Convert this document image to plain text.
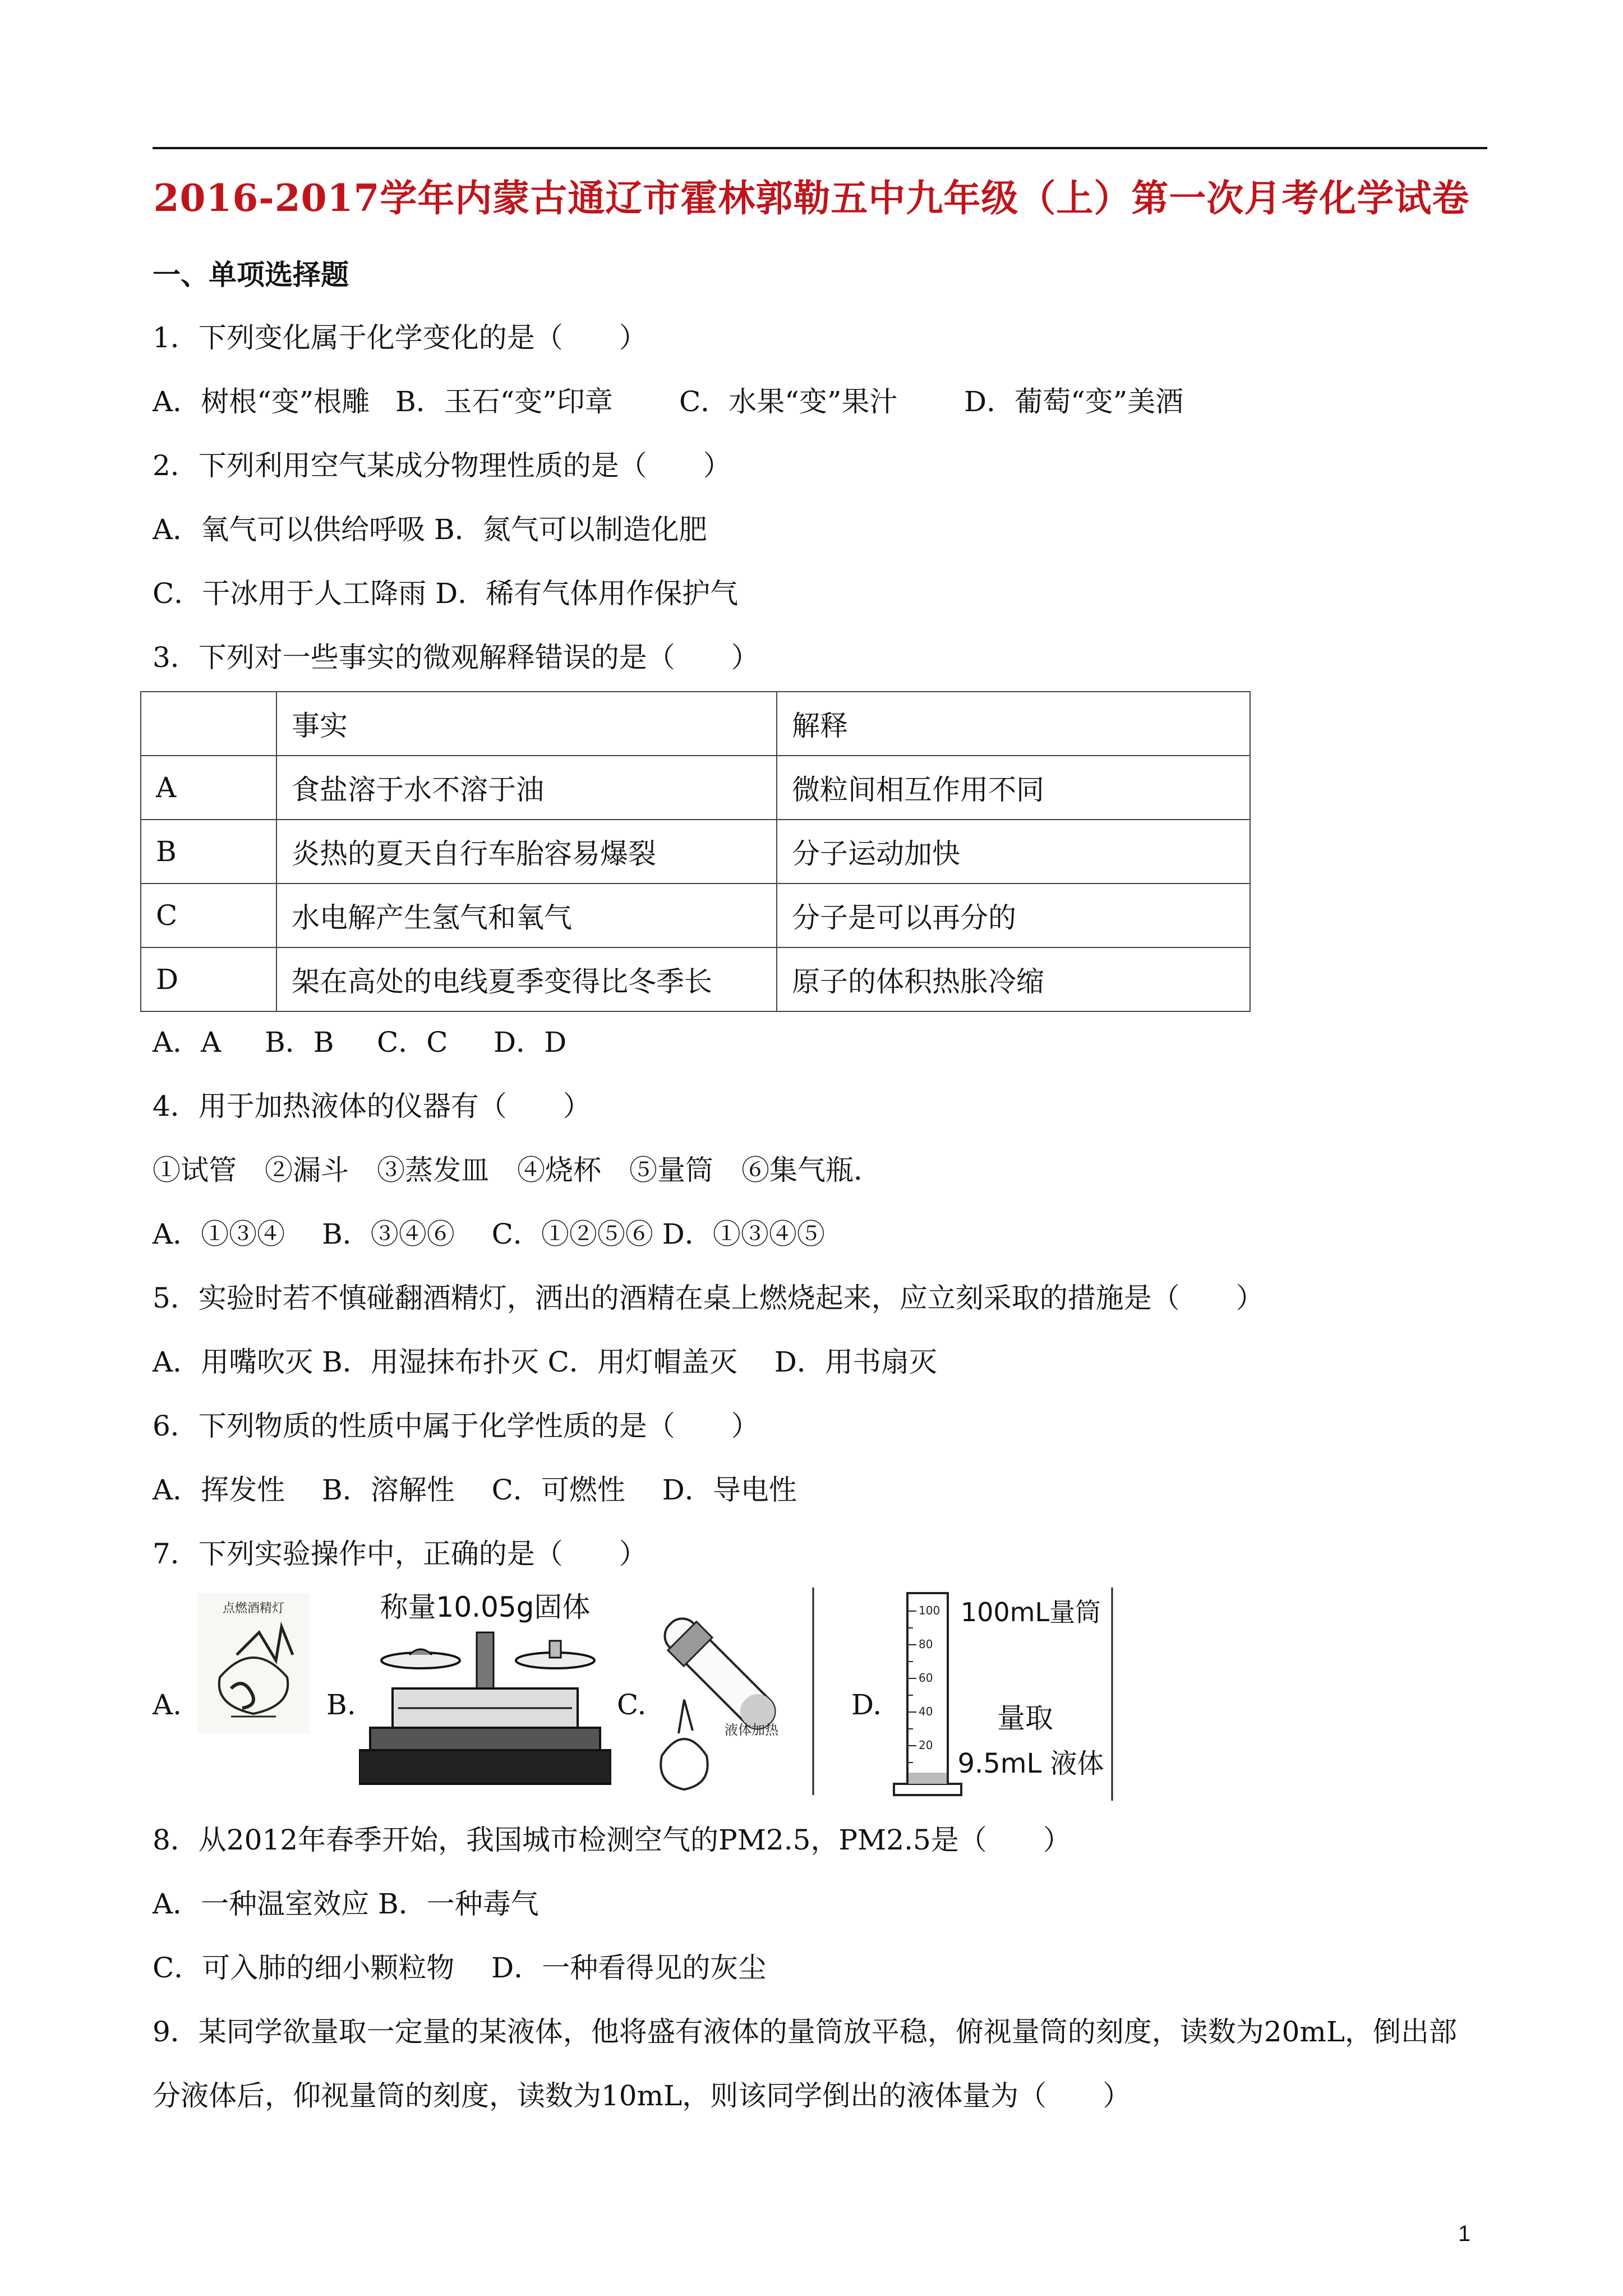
2016-2017学年内蒙古通辽市霍林郭勒五中九年级（上）第一次月考化学试卷
一、单项选择题
1．下列变化属于化学变化的是（　　）
A．树根“变”根雕 B．玉石“变”印章 C．水果“变”果汁 D．葡萄“变”美酒
2．下列利用空气某成分物理性质的是（　　）
A．氧气可以供给呼吸 B．氮气可以制造化肥
C．干冰用于人工降雨 D．稀有气体用作保护气
3．下列对一些事实的微观解释错误的是（　　）
	事实	解释
A	食盐溶于水不溶于油	微粒间相互作用不同
B	炎热的夏天自行车胎容易爆裂	分子运动加快
C	水电解产生氢气和氧气	分子是可以再分的
D	架在高处的电线夏季变得比冬季长	原子的体积热胀冷缩
A．A B．B C．C D．D
4．用于加热液体的仪器有（　　）
①试管　②漏斗　③蒸发皿　④烧杯　⑤量筒　⑥集气瓶．
A．①③④　 B．③④⑥　 C．①②⑤⑥ D．①③④⑤
5．实验时若不慎碰翻酒精灯，洒出的酒精在桌上燃烧起来，应立刻采取的措施是（　　）
A．用嘴吹灭 B．用湿抹布扑灭 C．用灯帽盖灭　 D．用书扇灭
6．下列物质的性质中属于化学性质的是（　　）
A．挥发性　 B．溶解性　 C．可燃性　 D．导电性
7．下列实验操作中，正确的是（　　）
A.
点燃酒精灯
B.
称量10.05g固体
C.
液体加热
D.
100
80
60
40
20
100mL量筒
量取
9.5mL 液体
8．从2012年春季开始，我国城市检测空气的PM2.5，PM2.5是（　　）
A．一种温室效应 B．一种毒气
C．可入肺的细小颗粒物　 D．一种看得见的灰尘
9．某同学欲量取一定量的某液体，他将盛有液体的量筒放平稳，俯视量筒的刻度，读数为20mL，倒出部
分液体后，仰视量筒的刻度，读数为10mL，则该同学倒出的液体量为（　　）
1
